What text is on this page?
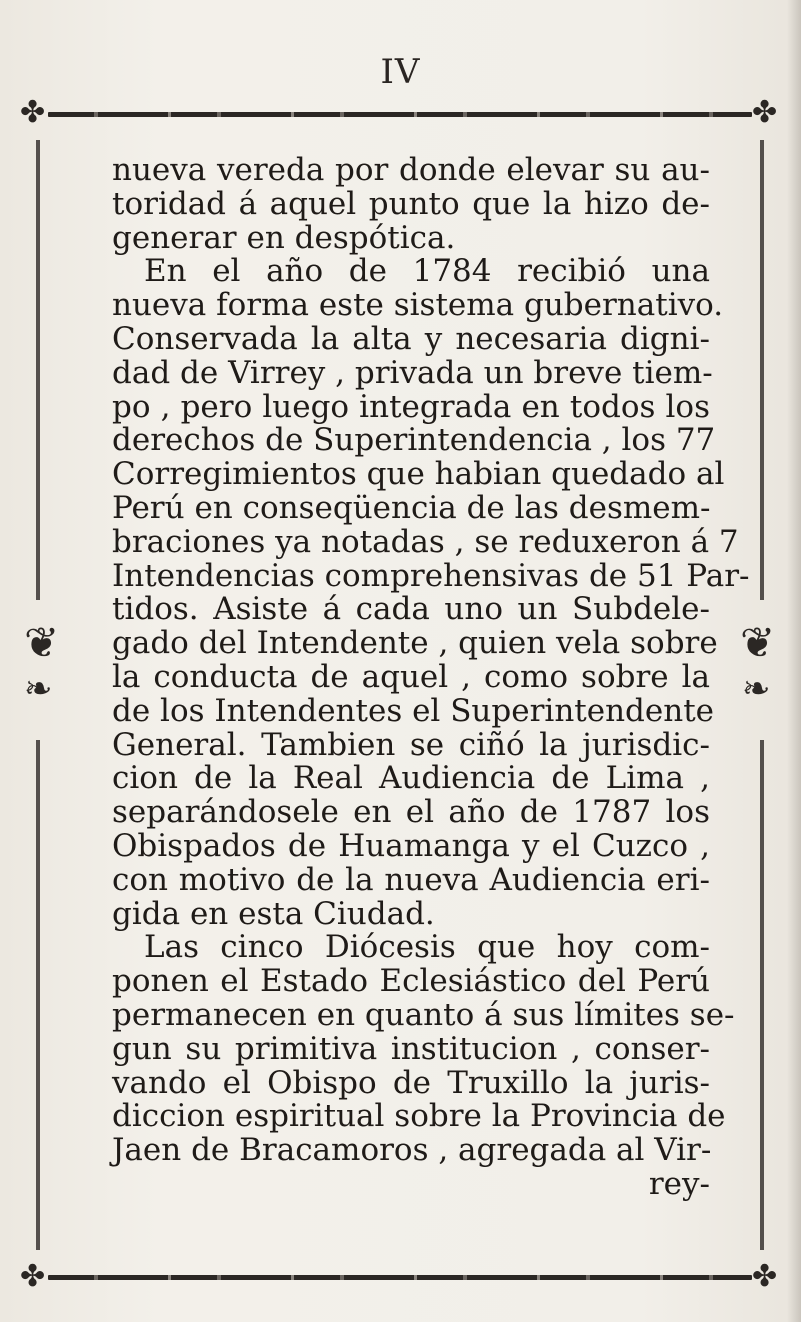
IV
✤	✤
✤	✤
❦
❧
❦
❧
nueva vereda por donde elevar su au-
toridad á aquel punto que la hizo de-
generar en despótica.
En el año de 1784 recibió una
nueva forma este sistema gubernativo.
Conservada la alta y necesaria digni-
dad de Virrey , privada un breve tiem-
po , pero luego integrada en todos los
derechos de Superintendencia , los 77
Corregimientos que habian quedado al
Perú en conseqüencia de las desmem-
braciones ya notadas , se reduxeron á 7
Intendencias comprehensivas de 51 Par-
tidos. Asiste á cada uno un Subdele-
gado del Intendente , quien vela sobre
la conducta de aquel , como sobre la
de los Intendentes el Superintendente
General. Tambien se ciñó la jurisdic-
cion de la Real Audiencia de Lima ,
separándosele en el año de 1787 los
Obispados de Huamanga y el Cuzco ,
con motivo de la nueva Audiencia eri-
gida en esta Ciudad.
Las cinco Diócesis que hoy com-
ponen el Estado Eclesiástico del Perú
permanecen en quanto á sus límites se-
gun su primitiva institucion , conser-
vando el Obispo de Truxillo la juris-
diccion espiritual sobre la Provincia de
Jaen de Bracamoros , agregada al Vir-
rey-
